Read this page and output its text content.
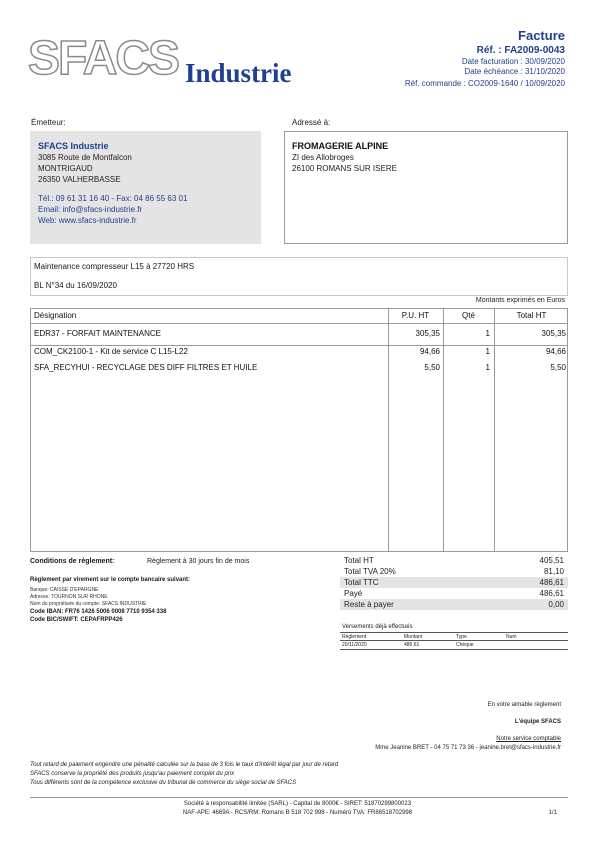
SFACS Industrie
Facture
Réf. : FA2009-0043
Date facturation : 30/09/2020
Date échéance : 31/10/2020
Réf. commande : CO2009-1640 / 10/09/2020
Émetteur:
SFACS Industrie
3085 Route de Montfalcon
MONTRIGAUD
26350 VALHERBASSE
Tél.: 09 61 31 16 40 - Fax: 04 86 55 63 01
Email: info@sfacs-industrie.fr
Web: www.sfacs-industrie.fr
Adressé à:
FROMAGERIE ALPINE
ZI des Allobroges
26100 ROMANS SUR ISERE
Maintenance compresseur L15 à 27720 HRS
BL N°34 du 16/09/2020
Montants exprimés en Euros
Désignation	P.U. HT	Qté	Total HT
EDR37 - FORFAIT MAINTENANCE	305,35	1	305,35
COM_CK2100-1 - Kit de service C L15-L22	94,66	1	94,66
SFA_RECYHUI - RECYCLAGE DES DIFF FILTRES ET HUILE	5,50	1	5,50
Conditions de règlement:	Règlement à 30 jours fin de mois
Règlement par virement sur le compte bancaire suivant:
Banque: CAISSE D'EPARGNE
Adresse: TOURNON SUR RHONE
Nom du propriétaire du compte: SFACS INDUSTRIE
Code IBAN: FR76 1426 5006 0008 7710 9354 338
Code BIC/SWIFT: CEPAFRPP426
Total HT	405,51
Total TVA 20%	81,10
Total TTC	486,61
Payé	486,61
Reste à payer	0,00
Versements déjà effectués
Règlement	Montant	Type	Num
20/11/2020	486,61	Chèque
En votre aimable règlement
L'équipe SFACS
Notre service comptable
Mme Jeanine BRET - 04 75 71 73 36 - jeanine.bret@sfacs-industrie.fr
Tout retard de paiement engendre une pénalité calculée sur la base de 3 fois le taux d'intérêt légal par jour de retard
SFACS conserve la propriété des produits jusqu'au paiement complet du prix
Tous différents sont de la compétence exclusive du tribunal de commerce du siège social de SFACS
Société à responsabilité limitée (SARL) - Capital de 8000€ - SIRET: 51870299800023
NAF-APE: 4669A - RCS/RM: Romans B 518 702 998 - Numéro TVA: FR86518702998	1/1
